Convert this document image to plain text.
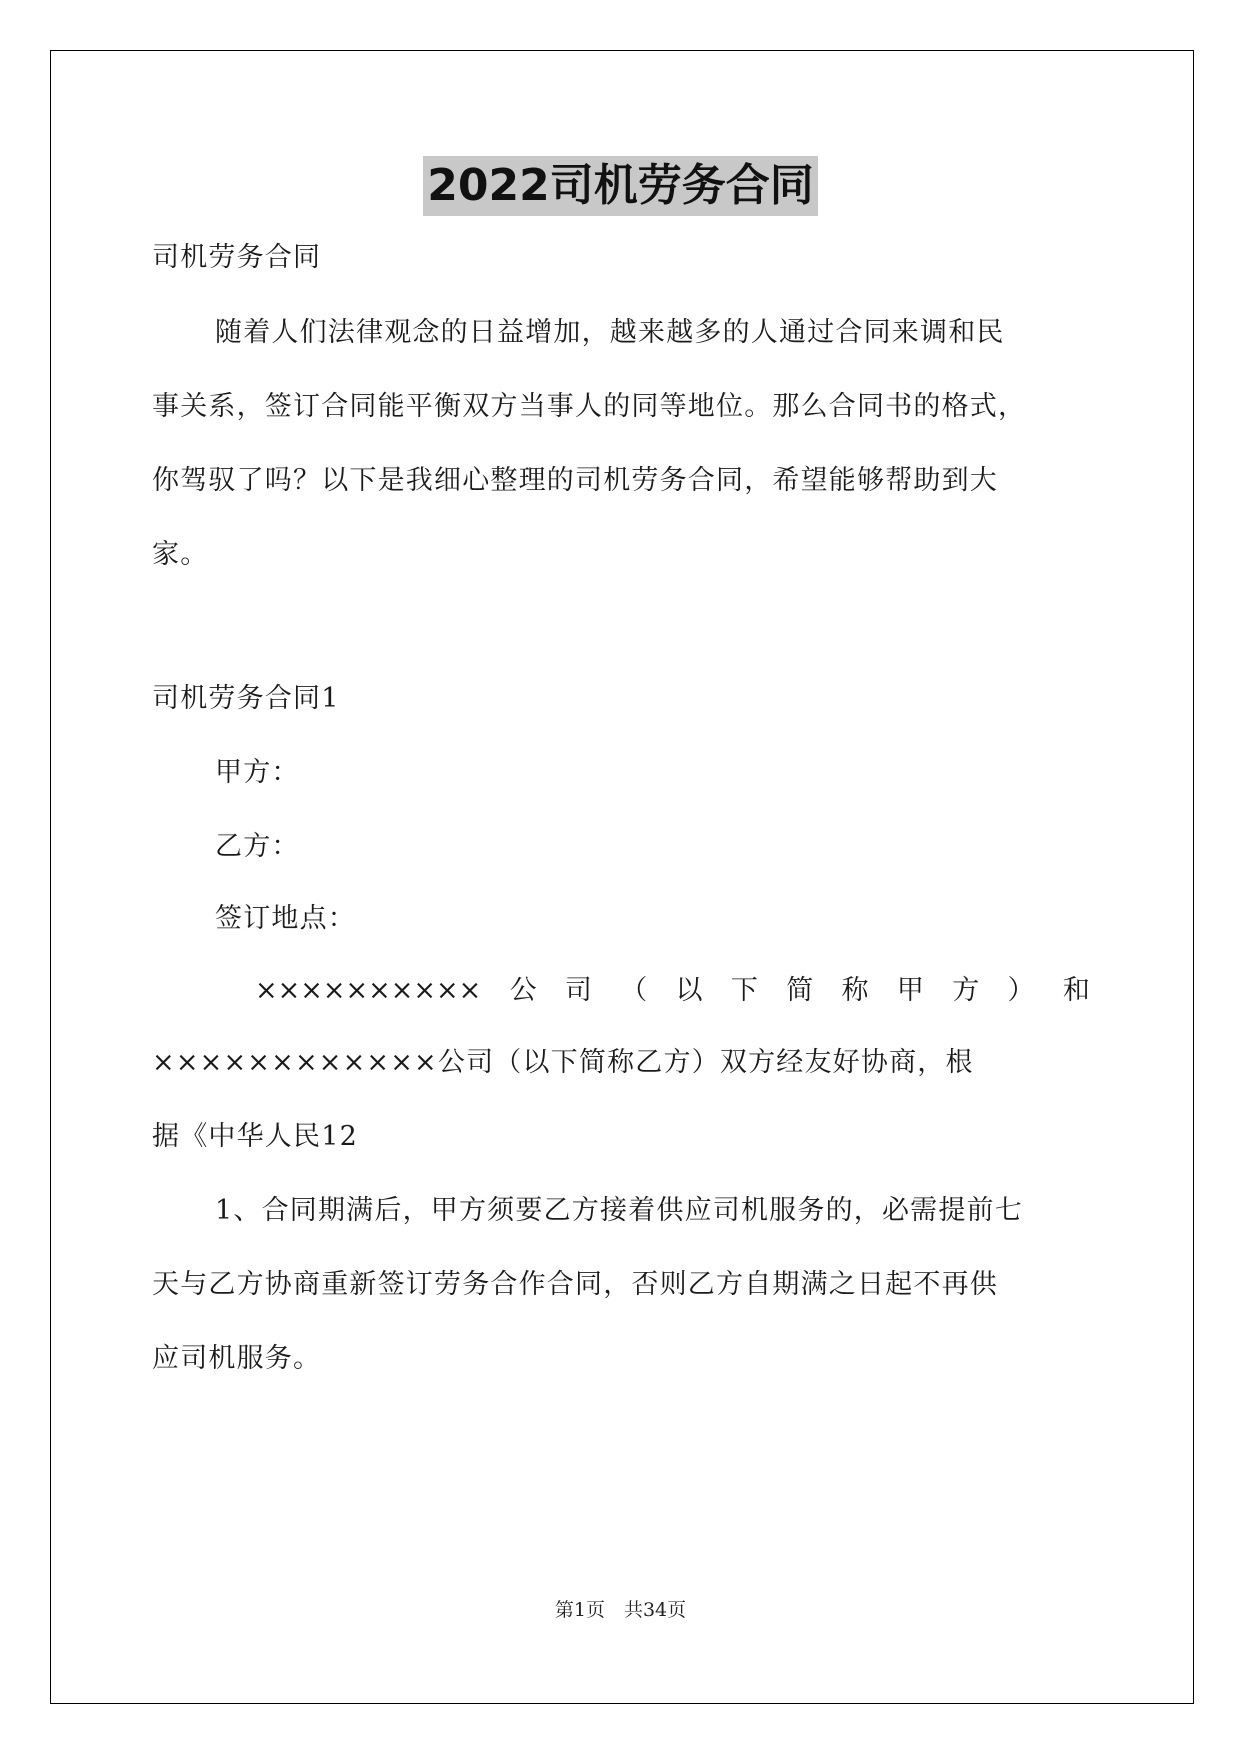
2022司机劳务合同
司机劳务合同
随着人们法律观念的日益增加，越来越多的人通过合同来调和民
事关系，签订合同能平衡双方当事人的同等地位。那么合同书的格式，
你驾驭了吗？以下是我细心整理的司机劳务合同，希望能够帮助到大
家。
司机劳务合同1
甲方：
乙方：
签订地点：
×××××××××× 公 司 （ 以 下 简 称 甲 方 ） 和
××××××××××××公司（以下简称乙方）双方经友好协商，根
据《中华人民12
1、合同期满后，甲方须要乙方接着供应司机服务的，必需提前七
天与乙方协商重新签订劳务合作合同，否则乙方自期满之日起不再供
应司机服务。
第1页　共34页
